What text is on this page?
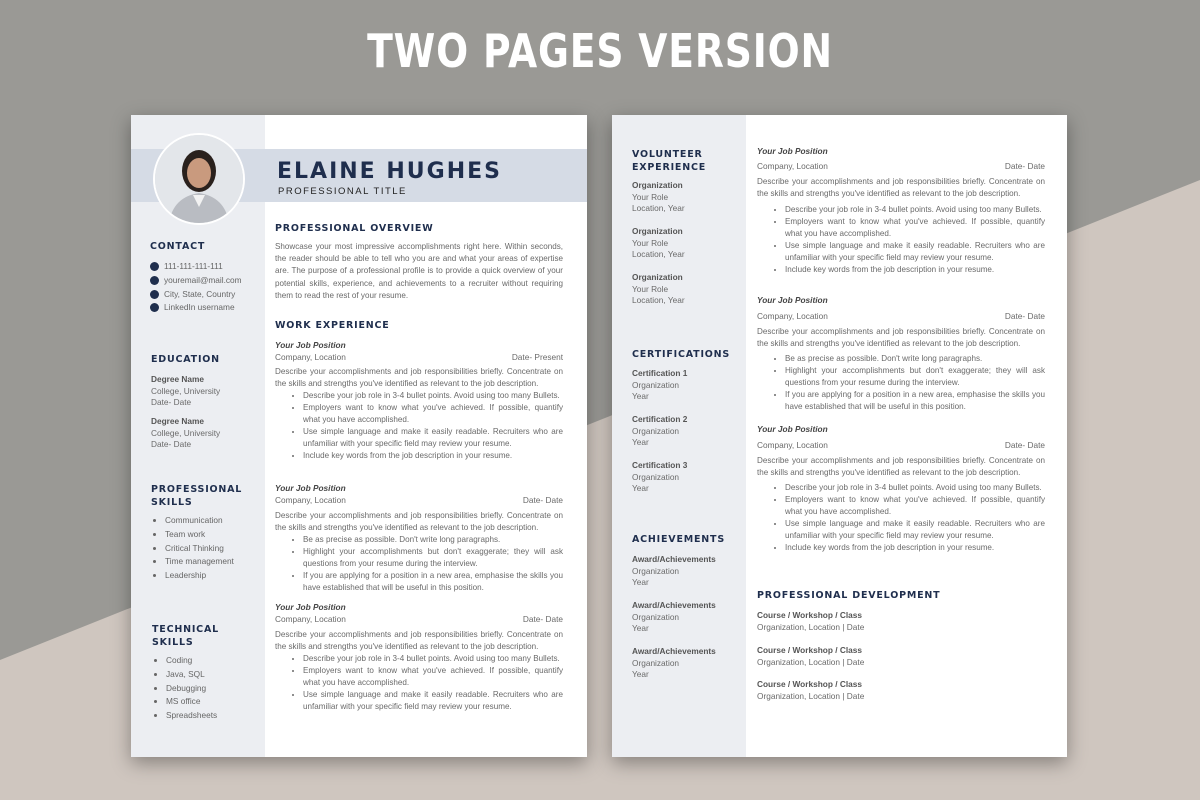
TWO PAGES VERSION
ELAINE HUGHES
PROFESSIONAL TITLE
CONTACT
111-111-111-111
youremail@mail.com
City, State, Country
LinkedIn username
EDUCATION
Degree Name
College, University
Date- Date
Degree Name
College, University
Date- Date
PROFESSIONAL
SKILLS
• Communication
• Team work
• Critical Thinking
• Time management
• Leadership
TECHNICAL
SKILLS
• Coding
• Java, SQL
• Debugging
• MS office
• Spreadsheets
PROFESSIONAL OVERVIEW
Showcase your most impressive accomplishments right here. Within seconds, the reader should be able to tell who you are and what your areas of expertise are. The purpose of a professional profile is to provide a quick overview of your potential skills, experience, and achievements to a recruiter without requiring them to read the rest of your resume.
WORK EXPERIENCE
Your Job Position
Company, Location	Date- Present
Describe your accomplishments and job responsibilities briefly. Concentrate on the skills and strengths you've identified as relevant to the job description.
• Describe your job role in 3-4 bullet points. Avoid using too many Bullets.
• Employers want to know what you've achieved. If possible, quantify what you have accomplished.
• Use simple language and make it easily readable. Recruiters who are unfamiliar with your specific field may review your resume.
• Include key words from the job description in your resume.
Your Job Position
Company, Location	Date- Date
Describe your accomplishments and job responsibilities briefly. Concentrate on the skills and strengths you've identified as relevant to the job description.
• Be as precise as possible. Don't write long paragraphs.
• Highlight your accomplishments but don't exaggerate; they will ask questions from your resume during the interview.
• If you are applying for a position in a new area, emphasise the skills you have established that will be useful in this position.
Your Job Position
Company, Location	Date- Date
Describe your accomplishments and job responsibilities briefly. Concentrate on the skills and strengths you've identified as relevant to the job description.
• Describe your job role in 3-4 bullet points. Avoid using too many Bullets.
• Employers want to know what you've achieved. If possible, quantify what you have accomplished.
• Use simple language and make it easily readable. Recruiters who are unfamiliar with your specific field may review your resume.
VOLUNTEER
EXPERIENCE
Organization
Your Role
Location, Year
Organization
Your Role
Location, Year
Organization
Your Role
Location, Year
CERTIFICATIONS
Certification 1
Organization
Year
Certification 2
Organization
Year
Certification 3
Organization
Year
ACHIEVEMENTS
Award/Achievements
Organization
Year
Award/Achievements
Organization
Year
Award/Achievements
Organization
Year
Your Job Position
Company, Location	Date- Date
Describe your accomplishments and job responsibilities briefly. Concentrate on the skills and strengths you've identified as relevant to the job description.
• Describe your job role in 3-4 bullet points. Avoid using too many Bullets.
• Employers want to know what you've achieved. If possible, quantify what you have accomplished.
• Use simple language and make it easily readable. Recruiters who are unfamiliar with your specific field may review your resume.
• Include key words from the job description in your resume.
Your Job Position
Company, Location	Date- Date
Describe your accomplishments and job responsibilities briefly. Concentrate on the skills and strengths you've identified as relevant to the job description.
• Be as precise as possible. Don't write long paragraphs.
• Highlight your accomplishments but don't exaggerate; they will ask questions from your resume during the interview.
• If you are applying for a position in a new area, emphasise the skills you have established that will be useful in this position.
Your Job Position
Company, Location	Date- Date
Describe your accomplishments and job responsibilities briefly. Concentrate on the skills and strengths you've identified as relevant to the job description.
• Describe your job role in 3-4 bullet points. Avoid using too many Bullets.
• Employers want to know what you've achieved. If possible, quantify what you have accomplished.
• Use simple language and make it easily readable. Recruiters who are unfamiliar with your specific field may review your resume.
• Include key words from the job description in your resume.
PROFESSIONAL DEVELOPMENT
Course / Workshop / Class
Organization, Location | Date
Course / Workshop / Class
Organization, Location | Date
Course / Workshop / Class
Organization, Location | Date
